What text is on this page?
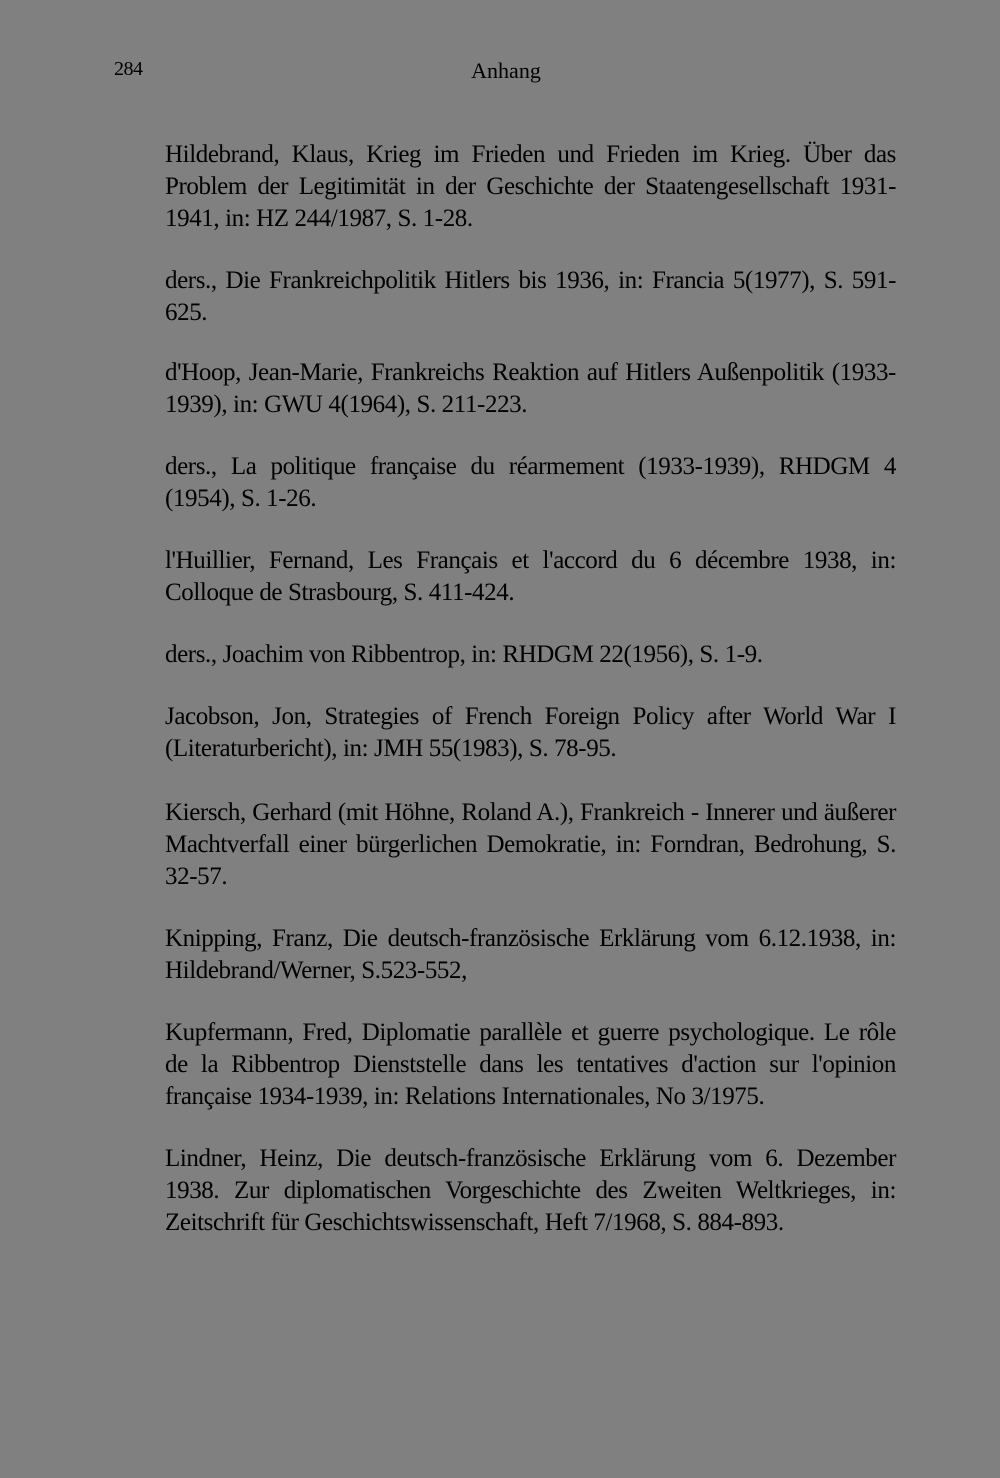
284	Anhang

Hildebrand, Klaus, Krieg im Frieden und Frieden im Krieg. Über das Problem der Legitimität in der Geschichte der Staatengesellschaft 1931-1941, in: HZ 244/1987, S. 1-28.

ders., Die Frankreichpolitik Hitlers bis 1936, in: Francia 5(1977), S. 591-625.

d'Hoop, Jean-Marie, Frankreichs Reaktion auf Hitlers Außenpolitik (1933-1939), in: GWU 4(1964), S. 211-223.

ders., La politique française du réarmement (1933-1939), RHDGM 4 (1954), S. 1-26.

l'Huillier, Fernand, Les Français et l'accord du 6 décembre 1938, in: Colloque de Strasbourg, S. 411-424.

ders., Joachim von Ribbentrop, in: RHDGM 22(1956), S. 1-9.

Jacobson, Jon, Strategies of French Foreign Policy after World War I (Literaturbericht), in: JMH 55(1983), S. 78-95.

Kiersch, Gerhard (mit Höhne, Roland A.), Frankreich - Innerer und äußerer Machtverfall einer bürgerlichen Demokratie, in: Forndran, Bedrohung, S. 32-57.

Knipping, Franz, Die deutsch-französische Erklärung vom 6.12.1938, in: Hildebrand/Werner, S.523-552,

Kupfermann, Fred, Diplomatie parallèle et guerre psychologique. Le rôle de la Ribbentrop Dienststelle dans les tentatives d'action sur l'opinion française 1934-1939, in: Relations Internationales, No 3/1975.

Lindner, Heinz, Die deutsch-französische Erklärung vom 6. Dezember 1938. Zur diplomatischen Vorgeschichte des Zweiten Weltkrieges, in: Zeitschrift für Geschichtswissenschaft, Heft 7/1968, S. 884-893.
